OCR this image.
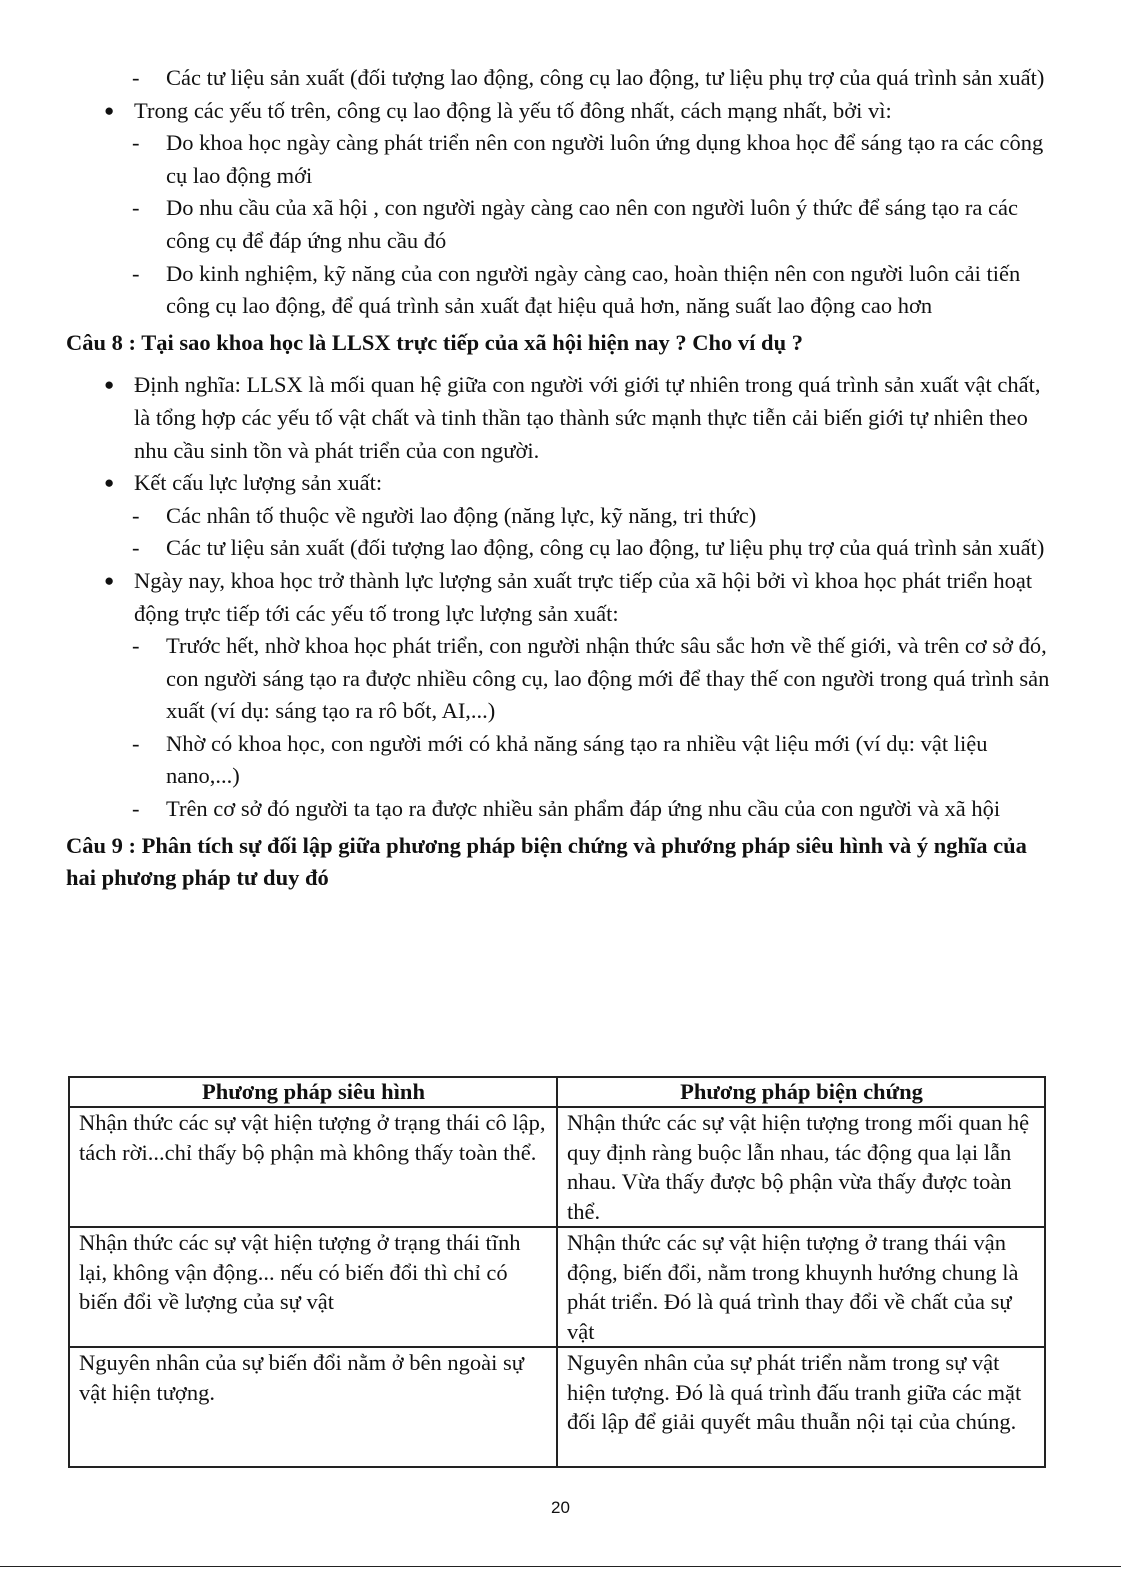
- Các tư liệu sản xuất (đối tượng lao động, công cụ lao động, tư liệu phụ trợ của quá trình sản xuất)
● Trong các yếu tố trên, công cụ lao động là yếu tố đông nhất, cách mạng nhất, bởi vì:
- Do khoa học ngày càng phát triển nên con người luôn ứng dụng khoa học để sáng tạo ra các công cụ lao động mới
- Do nhu cầu của xã hội , con người ngày càng cao nên con người luôn ý thức để sáng tạo ra các công cụ để đáp ứng nhu cầu đó
- Do kinh nghiệm, kỹ năng của con người ngày càng cao, hoàn thiện nên con người luôn cải tiến công cụ lao động, để quá trình sản xuất đạt hiệu quả hơn, năng suất lao động cao hơn
Câu 8 : Tại sao khoa học là LLSX trực tiếp của xã hội hiện nay ? Cho ví dụ ?
● Định nghĩa: LLSX là mối quan hệ giữa con người với giới tự nhiên trong quá trình sản xuất vật chất, là tổng hợp các yếu tố vật chất và tinh thần tạo thành sức mạnh thực tiễn cải biến giới tự nhiên theo nhu cầu sinh tồn và phát triển của con người.
● Kết cấu lực lượng sản xuất:
- Các nhân tố thuộc về người lao động (năng lực, kỹ năng, tri thức)
- Các tư liệu sản xuất (đối tượng lao động, công cụ lao động, tư liệu phụ trợ của quá trình sản xuất)
● Ngày nay, khoa học trở thành lực lượng sản xuất trực tiếp của xã hội bởi vì khoa học phát triển hoạt động trực tiếp tới các yếu tố trong lực lượng sản xuất:
- Trước hết, nhờ khoa học phát triển, con người nhận thức sâu sắc hơn về thế giới, và trên cơ sở đó, con người sáng tạo ra được nhiều công cụ, lao động mới để thay thế con người trong quá trình sản xuất (ví dụ: sáng tạo ra rô bốt, AI,...)
- Nhờ có khoa học, con người mới có khả năng sáng tạo ra nhiều vật liệu mới (ví dụ: vật liệu nano,...)
- Trên cơ sở đó người ta tạo ra được nhiều sản phẩm đáp ứng nhu cầu của con người và xã hội
Câu 9 : Phân tích sự đối lập giữa phương pháp biện chứng và phướng pháp siêu hình và ý nghĩa của hai phương pháp tư duy đó
Phương pháp siêu hình	Phương pháp biện chứng
Nhận thức các sự vật hiện tượng ở trạng thái cô lập, tách rời...chỉ thấy bộ phận mà không thấy toàn thể.	Nhận thức các sự vật hiện tượng trong mối quan hệ quy định ràng buộc lẫn nhau, tác động qua lại lẫn nhau. Vừa thấy được bộ phận vừa thấy được toàn thể.
Nhận thức các sự vật hiện tượng ở trạng thái tĩnh lại, không vận động... nếu có biến đổi thì chỉ có biến đổi về lượng của sự vật	Nhận thức các sự vật hiện tượng ở trang thái vận động, biến đổi, nằm trong khuynh hướng chung là phát triển. Đó là quá trình thay đổi về chất của sự vật
Nguyên nhân của sự biến đổi nằm ở bên ngoài sự vật hiện tượng.	Nguyên nhân của sự phát triển nằm trong sự vật hiện tượng. Đó là quá trình đấu tranh giữa các mặt đối lập để giải quyết mâu thuẫn nội tại của chúng.
20
